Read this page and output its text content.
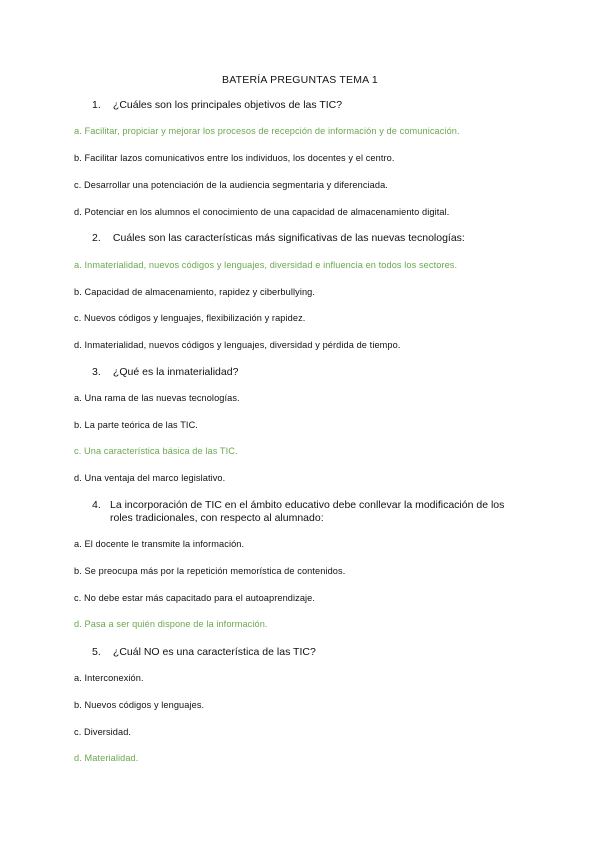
BATERÍA PREGUNTAS TEMA 1
1. ¿Cuáles son los principales objetivos de las TIC?
a. Facilitar, propiciar y mejorar los procesos de recepción de información y de comunicación.
b. Facilitar lazos comunicativos entre los individuos, los docentes y el centro.
c. Desarrollar una potenciación de la audiencia segmentaria y diferenciada.
d. Potenciar en los alumnos el conocimiento de una capacidad de almacenamiento digital.
2. Cuáles son las características más significativas de las nuevas tecnologías:
a. Inmaterialidad, nuevos códigos y lenguajes, diversidad e influencia en todos los sectores.
b. Capacidad de almacenamiento, rapidez y ciberbullying.
c. Nuevos códigos y lenguajes, flexibilización y rapidez.
d. Inmaterialidad, nuevos códigos y lenguajes, diversidad y pérdida de tiempo.
3. ¿Qué es la inmaterialidad?
a. Una rama de las nuevas tecnologías.
b. La parte teórica de las TIC.
c. Una característica básica de las TIC.
d. Una ventaja del marco legislativo.
4. La incorporación de TIC en el ámbito educativo debe conllevar la modificación de los roles tradicionales, con respecto al alumnado:
a. El docente le transmite la información.
b. Se preocupa más por la repetición memorística de contenidos.
c. No debe estar más capacitado para el autoaprendizaje.
d. Pasa a ser quién dispone de la información.
5. ¿Cuál NO es una característica de las TIC?
a. Interconexión.
b. Nuevos códigos y lenguajes.
c. Diversidad.
d. Materialidad.
